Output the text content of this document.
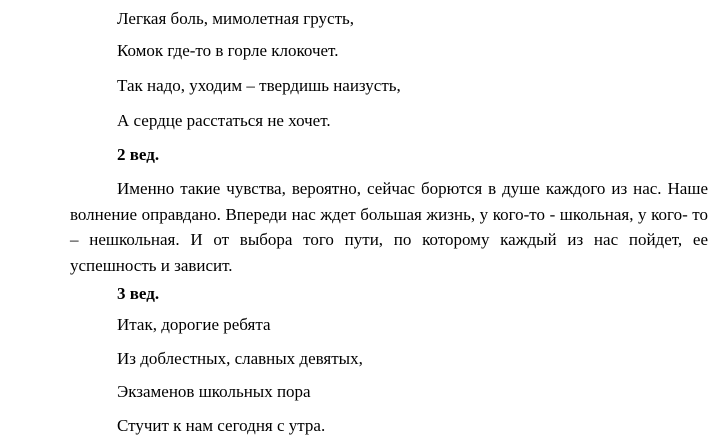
Легкая боль, мимолетная грусть,

Комок где-то в горле клокочет.

Так надо, уходим – твердишь наизусть,

А сердце расстаться не хочет.

2 вед.

Именно такие чувства, вероятно, сейчас борются в душе каждого из нас. Наше волнение оправдано. Впереди нас ждет большая жизнь, у кого-то - школьная, у кого- то – нешкольная. И от выбора того пути, по которому каждый из нас пойдет, ее успешность и зависит.

3 вед.

Итак, дорогие ребята

Из доблестных, славных девятых,

Экзаменов школьных пора

Стучит к нам сегодня с утра.
